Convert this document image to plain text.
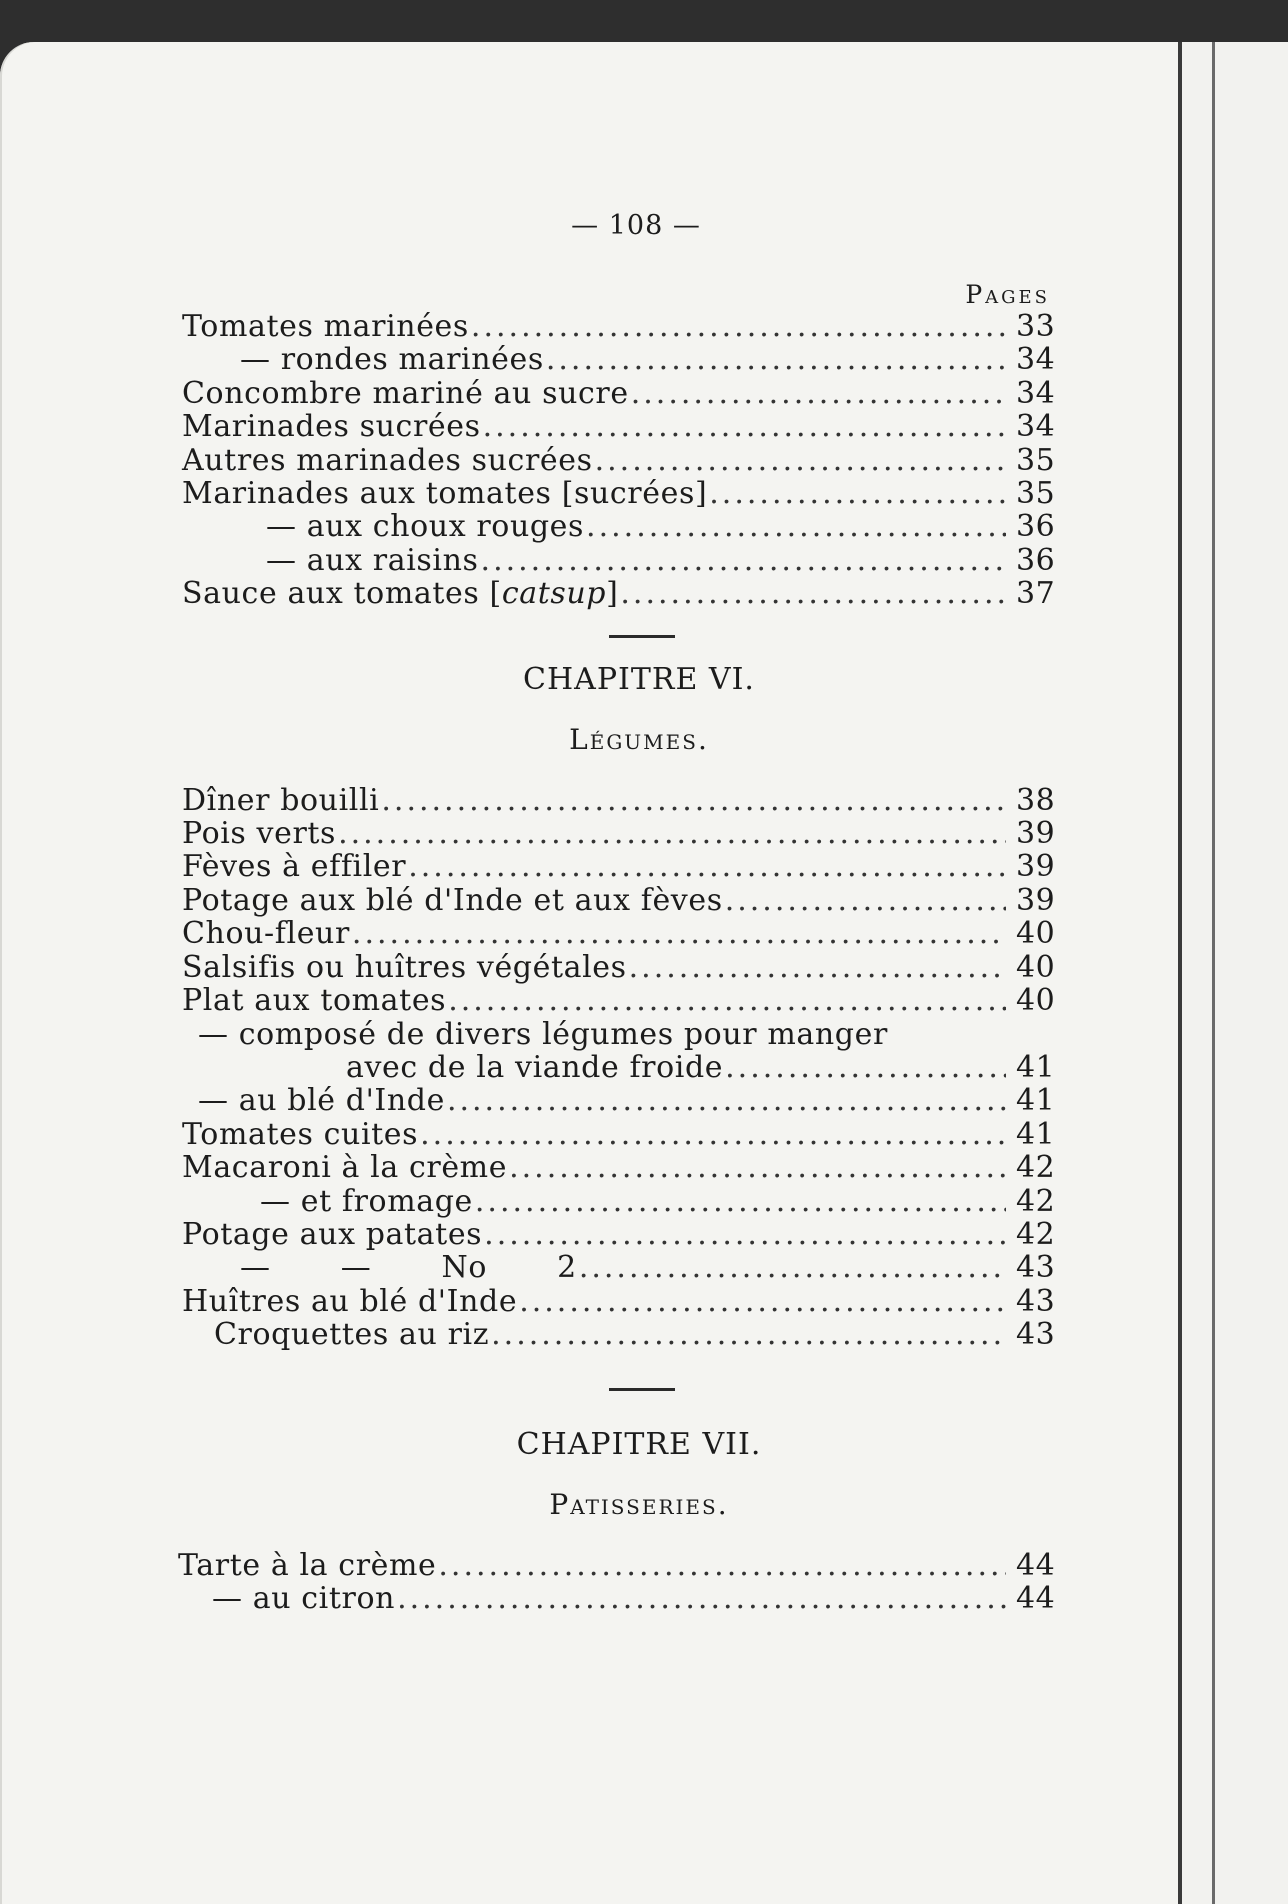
— 108 —
Pages
Tomates marinées .....	33
— rondes marinées .....	34
Concombre mariné au sucre .....	34
Marinades sucrées .....	34
Autres marinades sucrées .....	35
Marinades aux tomates [sucrées] .....	35
— aux choux rouges .....	36
— aux raisins .....	36
Sauce aux tomates [catsup] .....	37
CHAPITRE VI.
Légumes.
Dîner bouilli .....	38
Pois verts .....	39
Fèves à effiler .....	39
Potage aux blé d'Inde et aux fèves .....	39
Chou-fleur .....	40
Salsifis ou huîtres végétales .....	40
Plat aux tomates .....	40
— composé de divers légumes pour manger
avec de la viande froide .....	41
— au blé d'Inde .....	41
Tomates cuites .....	41
Macaroni à la crème .....	42
— et fromage .....	42
Potage aux patates .....	42
— — No 2 .....	43
Huîtres au blé d'Inde .....	43
Croquettes au riz .....	43
CHAPITRE VII.
Patisseries.
Tarte à la crème .....	44
— au citron .....	44
